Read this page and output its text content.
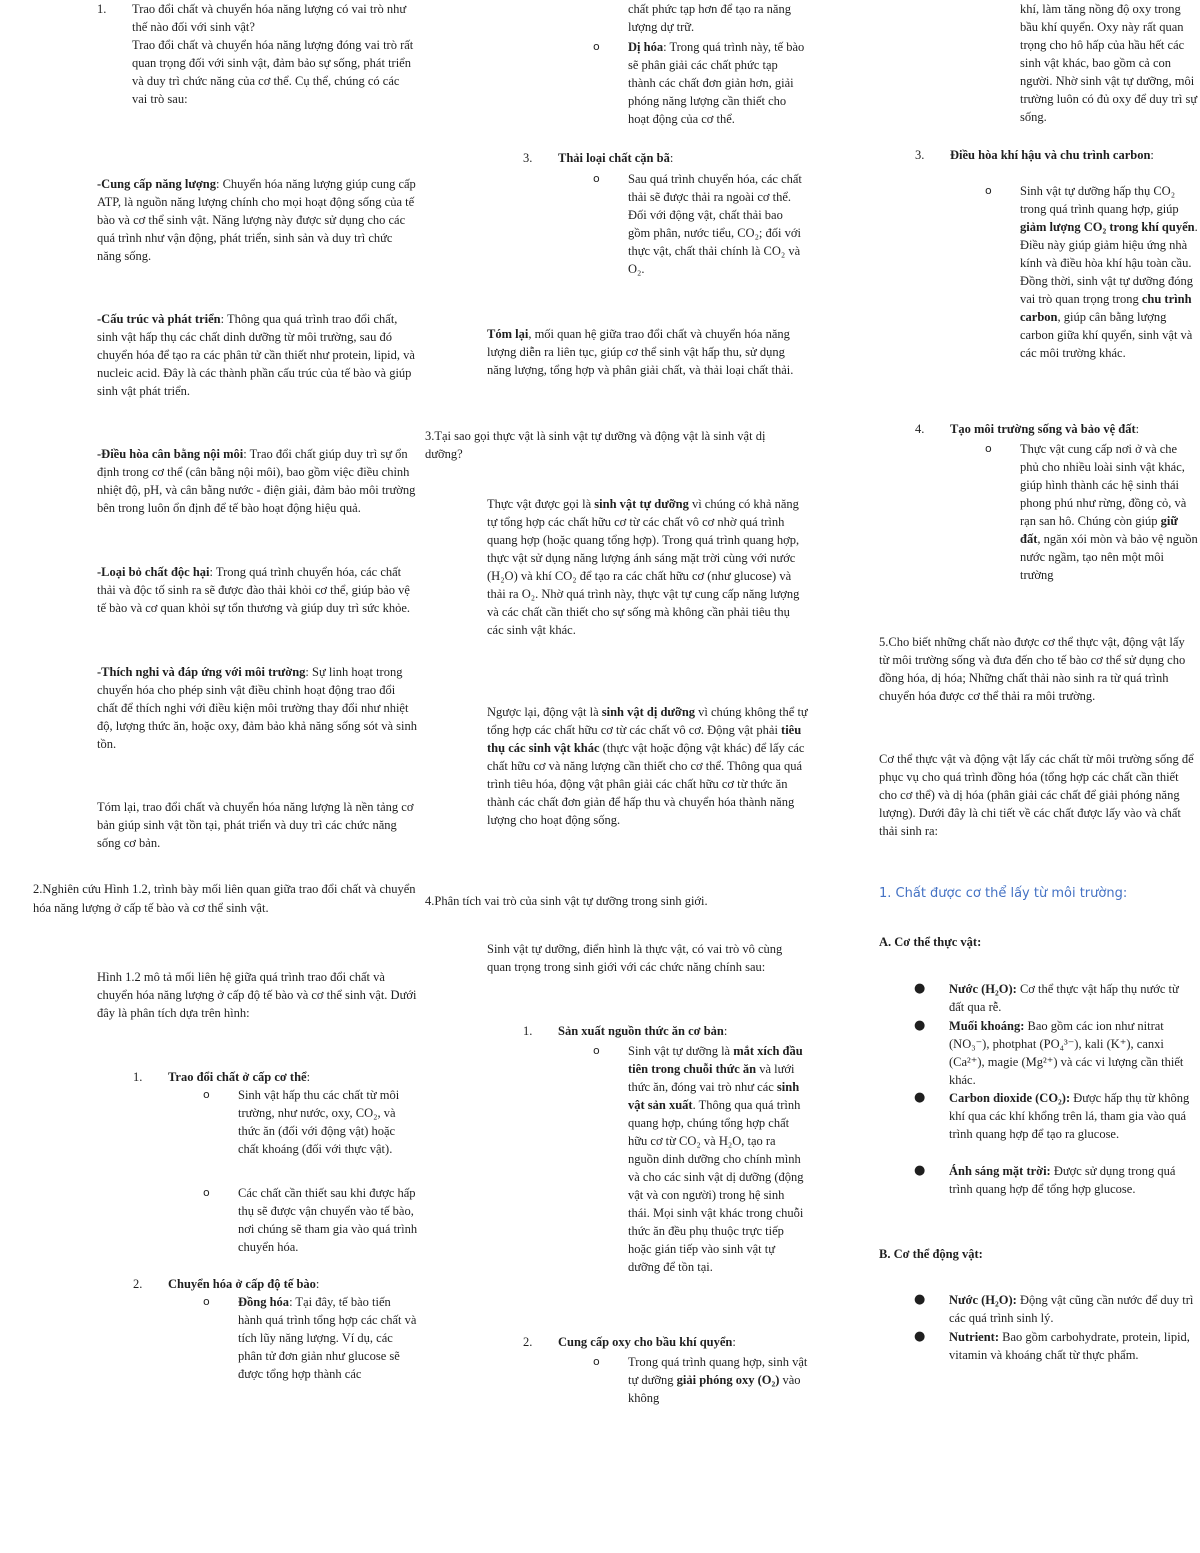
1. Trao đổi chất và chuyển hóa năng lượng có vai trò như thế nào đối với sinh vật?

Trao đổi chất và chuyển hóa năng lượng đóng vai trò rất quan trọng đối với sinh vật, đảm bảo sự sống, phát triển và duy trì chức năng của cơ thể. Cụ thể, chúng có các vai trò sau:

-Cung cấp năng lượng: Chuyển hóa năng lượng giúp cung cấp ATP, là nguồn năng lượng chính cho mọi hoạt động sống của tế bào và cơ thể sinh vật. Năng lượng này được sử dụng cho các quá trình như vận động, phát triển, sinh sản và duy trì chức năng sống.

-Cấu trúc và phát triển: Thông qua quá trình trao đổi chất, sinh vật hấp thụ các chất dinh dưỡng từ môi trường, sau đó chuyển hóa để tạo ra các phân tử cần thiết như protein, lipid, và nucleic acid. Đây là các thành phần cấu trúc của tế bào và giúp sinh vật phát triển.

-Điều hòa cân bằng nội môi: Trao đổi chất giúp duy trì sự ổn định trong cơ thể (cân bằng nội môi), bao gồm việc điều chỉnh nhiệt độ, pH, và cân bằng nước - điện giải, đảm bảo môi trường bên trong luôn ổn định để tế bào hoạt động hiệu quả.

-Loại bỏ chất độc hại: Trong quá trình chuyển hóa, các chất thải và độc tố sinh ra sẽ được đào thải khỏi cơ thể, giúp bảo vệ tế bào và cơ quan khỏi sự tổn thương và giúp duy trì sức khỏe.

-Thích nghi và đáp ứng với môi trường: Sự linh hoạt trong chuyển hóa cho phép sinh vật điều chỉnh hoạt động trao đổi chất để thích nghi với điều kiện môi trường thay đổi như nhiệt độ, lượng thức ăn, hoặc oxy, đảm bảo khả năng sống sót và sinh tồn.

Tóm lại, trao đổi chất và chuyển hóa năng lượng là nền tảng cơ bản giúp sinh vật tồn tại, phát triển và duy trì các chức năng sống cơ bản.

2.Nghiên cứu Hình 1.2, trình bày mối liên quan giữa trao đổi chất và chuyển hóa năng lượng ở cấp tế bào và cơ thể sinh vật.

Hình 1.2 mô tả mối liên hệ giữa quá trình trao đổi chất và chuyển hóa năng lượng ở cấp độ tế bào và cơ thể sinh vật. Dưới đây là phân tích dựa trên hình:

1. Trao đổi chất ở cấp cơ thể:

o Sinh vật hấp thu các chất từ môi trường, như nước, oxy, CO₂, và thức ăn (đối với động vật) hoặc chất khoáng (đối với thực vật).

o Các chất cần thiết sau khi được hấp thụ sẽ được vận chuyển vào tế bào, nơi chúng sẽ tham gia vào quá trình chuyển hóa.

2. Chuyển hóa ở cấp độ tế bào:

o Đồng hóa: Tại đây, tế bào tiến hành quá trình tổng hợp các chất và tích lũy năng lượng. Ví dụ, các phân tử đơn giản như glucose sẽ được tổng hợp thành các

chất phức tạp hơn để tạo ra năng lượng dự trữ.

o Dị hóa: Trong quá trình này, tế bào sẽ phân giải các chất phức tạp thành các chất đơn giản hơn, giải phóng năng lượng cần thiết cho hoạt động của cơ thể.

3. Thải loại chất cặn bã:

o Sau quá trình chuyển hóa, các chất thải sẽ được thải ra ngoài cơ thể. Đối với động vật, chất thải bao gồm phân, nước tiểu, CO₂; đối với thực vật, chất thải chính là CO₂ và O₂.

Tóm lại, mối quan hệ giữa trao đổi chất và chuyển hóa năng lượng diễn ra liên tục, giúp cơ thể sinh vật hấp thu, sử dụng năng lượng, tổng hợp và phân giải chất, và thải loại chất thải.

3.Tại sao gọi thực vật là sinh vật tự dưỡng và động vật là sinh vật dị dưỡng?

Thực vật được gọi là sinh vật tự dưỡng vì chúng có khả năng tự tổng hợp các chất hữu cơ từ các chất vô cơ nhờ quá trình quang hợp (hoặc quang tổng hợp). Trong quá trình quang hợp, thực vật sử dụng năng lượng ánh sáng mặt trời cùng với nước (H₂O) và khí CO₂ để tạo ra các chất hữu cơ (như glucose) và thải ra O₂. Nhờ quá trình này, thực vật tự cung cấp năng lượng và các chất cần thiết cho sự sống mà không cần phải tiêu thụ các sinh vật khác.

Ngược lại, động vật là sinh vật dị dưỡng vì chúng không thể tự tổng hợp các chất hữu cơ từ các chất vô cơ. Động vật phải tiêu thụ các sinh vật khác (thực vật hoặc động vật khác) để lấy các chất hữu cơ và năng lượng cần thiết cho cơ thể. Thông qua quá trình tiêu hóa, động vật phân giải các chất hữu cơ từ thức ăn thành các chất đơn giản để hấp thu và chuyển hóa thành năng lượng cho hoạt động sống.

4.Phân tích vai trò của sinh vật tự dưỡng trong sinh giới.

Sinh vật tự dưỡng, điển hình là thực vật, có vai trò vô cùng quan trọng trong sinh giới với các chức năng chính sau:

1. Sản xuất nguồn thức ăn cơ bản:

o Sinh vật tự dưỡng là mắt xích đầu tiên trong chuỗi thức ăn và lưới thức ăn, đóng vai trò như các sinh vật sản xuất. Thông qua quá trình quang hợp, chúng tổng hợp chất hữu cơ từ CO₂ và H₂O, tạo ra nguồn dinh dưỡng cho chính mình và cho các sinh vật dị dưỡng (động vật và con người) trong hệ sinh thái. Mọi sinh vật khác trong chuỗi thức ăn đều phụ thuộc trực tiếp hoặc gián tiếp vào sinh vật tự dưỡng để tồn tại.

2. Cung cấp oxy cho bầu khí quyển:

o Trong quá trình quang hợp, sinh vật tự dưỡng giải phóng oxy (O₂) vào không

khí, làm tăng nồng độ oxy trong bầu khí quyển. Oxy này rất quan trọng cho hô hấp của hầu hết các sinh vật khác, bao gồm cả con người. Nhờ sinh vật tự dưỡng, môi trường luôn có đủ oxy để duy trì sự sống.

3. Điều hòa khí hậu và chu trình carbon:

o Sinh vật tự dưỡng hấp thụ CO₂ trong quá trình quang hợp, giúp giảm lượng CO₂ trong khí quyển. Điều này giúp giảm hiệu ứng nhà kính và điều hòa khí hậu toàn cầu. Đồng thời, sinh vật tự dưỡng đóng vai trò quan trọng trong chu trình carbon, giúp cân bằng lượng carbon giữa khí quyển, sinh vật và các môi trường khác.

4. Tạo môi trường sống và bảo vệ đất:

o Thực vật cung cấp nơi ở và che phủ cho nhiều loài sinh vật khác, giúp hình thành các hệ sinh thái phong phú như rừng, đồng cỏ, và rạn san hô. Chúng còn giúp giữ đất, ngăn xói mòn và bảo vệ nguồn nước ngầm, tạo nên một môi trường

5.Cho biết những chất nào được cơ thể thực vật, động vật lấy từ môi trường sống và đưa đến cho tế bào cơ thể sử dụng cho đồng hóa, dị hóa; Những chất thải nào sinh ra từ quá trình chuyển hóa được cơ thể thải ra môi trường.

Cơ thể thực vật và động vật lấy các chất từ môi trường sống để phục vụ cho quá trình đồng hóa (tổng hợp các chất cần thiết cho cơ thể) và dị hóa (phân giải các chất để giải phóng năng lượng). Dưới đây là chi tiết về các chất được lấy vào và chất thải sinh ra:

1. Chất được cơ thể lấy từ môi trường:

A. Cơ thể thực vật:

● Nước (H₂O): Cơ thể thực vật hấp thụ nước từ đất qua rễ.

● Muối khoáng: Bao gồm các ion như nitrat (NO₃⁻), photphat (PO₄³⁻), kali (K⁺), canxi (Ca²⁺), magie (Mg²⁺) và các vi lượng cần thiết khác.

● Carbon dioxide (CO₂): Được hấp thụ từ không khí qua các khí khổng trên lá, tham gia vào quá trình quang hợp để tạo ra glucose.

● Ánh sáng mặt trời: Được sử dụng trong quá trình quang hợp để tổng hợp glucose.

B. Cơ thể động vật:

● Nước (H₂O): Động vật cũng cần nước để duy trì các quá trình sinh lý.

● Nutrient: Bao gồm carbohydrate, protein, lipid, vitamin và khoáng chất từ thực phẩm.
